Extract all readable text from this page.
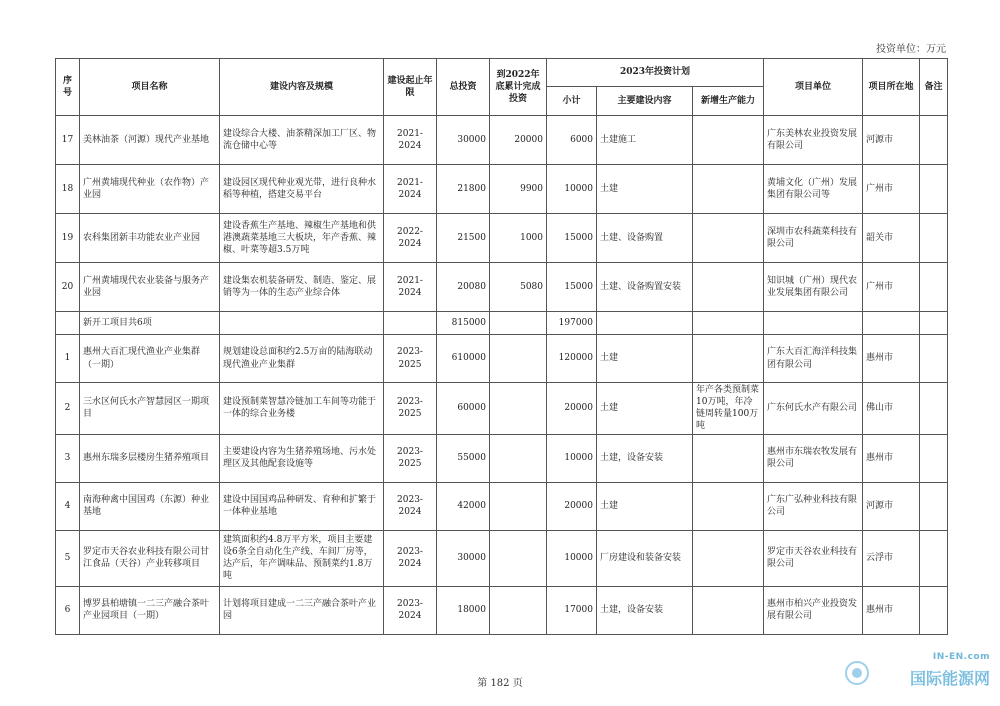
投资单位：万元
序号	项目名称	建设内容及规模	建设起止年限	总投资	到2022年底累计完成投资	2023年投资计划			项目单位	项目所在地	备注
						小计	主要建设内容	新增生产能力			
17	美林油茶（河源）现代产业基地	建设综合大楼、油茶精深加工厂区、物流仓储中心等	2021-2024	30000	20000	6000	土建施工		广东美林农业投资发展有限公司	河源市	
18	广州黄埔现代种业（农作物）产业园	建设园区现代种业观光带，进行良种水稻等种植，搭建交易平台	2021-2024	21800	9900	10000	土建		黄埔文化（广州）发展集团有限公司等	广州市	
19	农科集团新丰功能农业产业园	建设香蕉生产基地、辣椒生产基地和供港澳蔬菜基地三大板块，年产香蕉、辣椒、叶菜等超3.5万吨	2022-2024	21500	1000	15000	土建、设备购置		深圳市农科蔬菜科技有限公司	韶关市	
20	广州黄埔现代农业装备与服务产业园	建设集农机装备研发、制造、鉴定、展销等为一体的生态产业综合体	2021-2024	20080	5080	15000	土建、设备购置安装		知识城（广州）现代农业发展集团有限公司	广州市	
	新开工项目共6项			815000		197000					
1	惠州大百汇现代渔业产业集群（一期）	规划建设总面积约2.5万亩的陆海联动现代渔业产业集群	2023-2025	610000		120000	土建		广东大百汇海洋科技集团有限公司	惠州市	
2	三水区何氏水产智慧园区一期项目	建设预制菜智慧冷链加工车间等功能于一体的综合业务楼	2023-2025	60000		20000	土建	年产各类预制菜10万吨，年冷链周转量100万吨	广东何氏水产有限公司	佛山市	
3	惠州东瑞多层楼房生猪养殖项目	主要建设内容为生猪养殖场地、污水处理区及其他配套设施等	2023-2025	55000		10000	土建，设备安装		惠州市东瑞农牧发展有限公司	惠州市	
4	南海种禽中国国鸡（东源）种业基地	建设中国国鸡品种研发、育种和扩繁于一体种业基地	2023-2024	42000		20000	土建		广东广弘种业科技有限公司	河源市	
5	罗定市天谷农业科技有限公司甘江食品（天谷）产业转移项目	建筑面积约4.8万平方米，项目主要建设6条全自动化生产线、车间厂房等，达产后，年产调味品、预制菜约1.8万吨	2023-2024	30000		10000	厂房建设和装备安装		罗定市天谷农业科技有限公司	云浮市	
6	博罗县柏塘镇一二三产融合茶叶产业园项目（一期）	计划将项目建成一二三产融合茶叶产业园	2023-2024	18000		17000	土建，设备安装		惠州市柏兴产业投资发展有限公司	惠州市	
第 182 页
IN-EN.com
国际能源网
